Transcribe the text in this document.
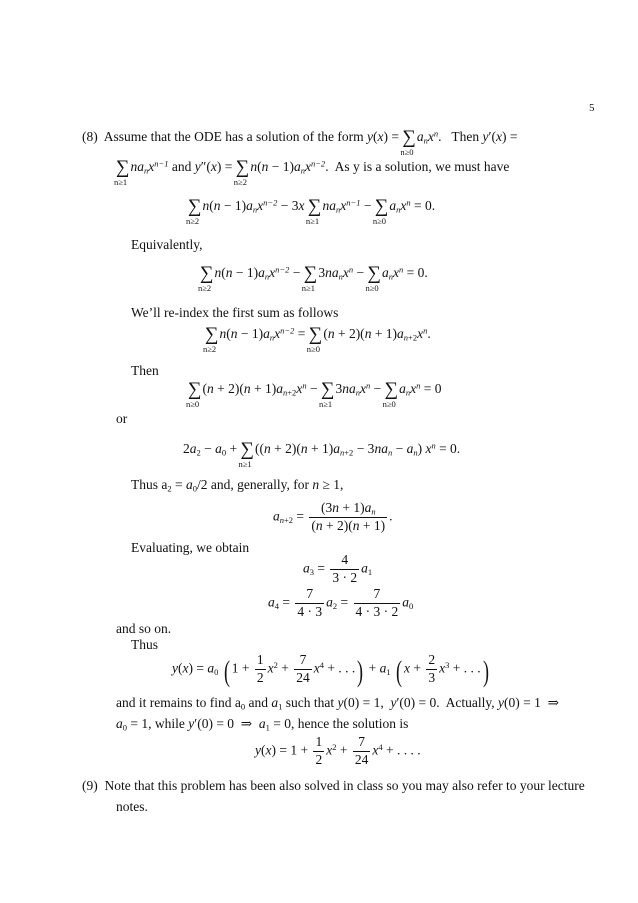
5
(8) Assume that the ODE has a solution of the form y(x) = ∑
n≥0
$a_nx^n$.   Then y′(x) =
∑
n≥1
$na_nx^{n-1}$ and y″(x) = ∑
n≥2
$n(n - 1)a_nx^{n-2}$.  As y is a solution, we must have
∑
n≥2
$n(n - 1)a_nx^{n-2} - 3x$ ∑
n≥1
$na_nx^{n-1}$ − ∑
n≥0
$a_nx^n = 0$.
Equivalently,
∑
n≥2
$n(n - 1)a_nx^{n-2}$ − ∑
n≥1
$3na_nx^n$ − ∑
n≥0
$a_nx^n = 0$.
We’ll re-index the first sum as follows
∑
n≥2
$n(n - 1)a_nx^{n-2}$ = ∑
n≥0
$(n + 2)(n + 1)a_{n+2}x^n$.
Then
∑
n≥0
$(n + 2)(n + 1)a_{n+2}x^n$ − ∑
n≥1
$3na_nx^n$ − ∑
n≥0
$a_nx^n = 0$
or
$2a_2 - a_0$ + ∑
n≥1
$((n + 2)(n + 1)a_{n+2} - 3na_n - a_n)$ $x^n = 0$.
Thus $a_2 = a_0/2$ and, generally, for n ≥ 1,
$a_{n+2} = \frac{(3n + 1)a_n}{(n + 2)(n + 1)}$ .
Evaluating, we obtain
$a_3 = \frac{4}{3 \cdot 2} a_1$
$a_4 = \frac{7}{4 \cdot 3} a_2 = \frac{7}{4 \cdot 3 \cdot 2} a_0$
and so on.
Thus
$y(x) = a_0$ ( $1 + \frac{1}{2} x^2 + \frac{7}{24} x^4$ + . . .) + $a_1$ ( $x + \frac{2}{3} x^3$ + . . .)
and it remains to find $a_0$ and $a_1$ such that y(0) = 1,  y′(0) = 0.  Actually, y(0) = 1  ⇒
$a_0 = 1$, while y′(0) = 0  ⇒  $a_1 = 0$, hence the solution is
$y(x) = 1 + \frac{1}{2} x^2 + \frac{7}{24} x^4$ + . . . .
(9) Note that this problem has been also solved in class so you may also refer to your lecture
notes.
